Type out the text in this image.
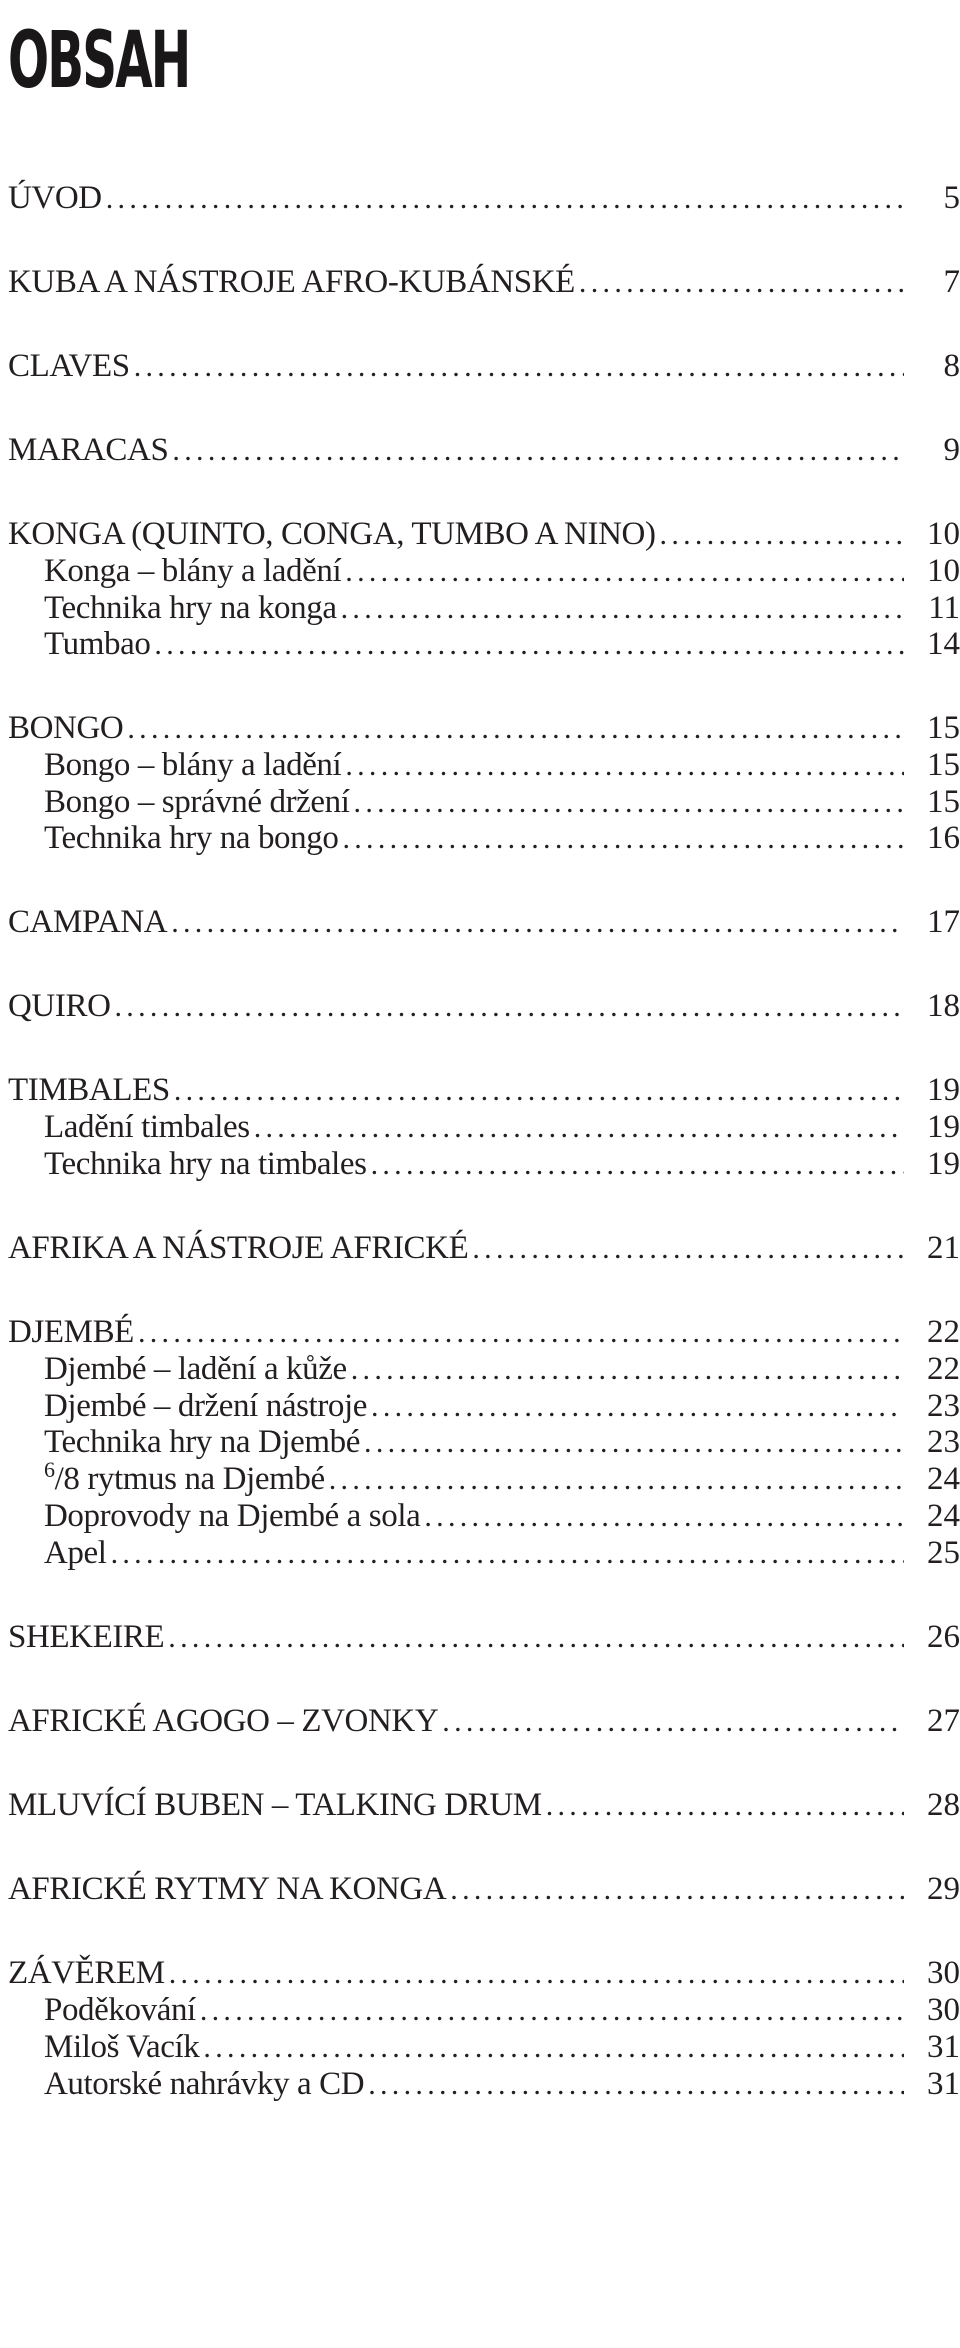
OBSAH
ÚVOD .....	5
KUBA A NÁSTROJE AFRO-KUBÁNSKÉ .....	7
CLAVES .....	8
MARACAS .....	9
KONGA (QUINTO, CONGA, TUMBO A NINO) .....	10
Konga – blány a ladění .....	10
Technika hry na konga .....	11
Tumbao .....	14
BONGO .....	15
Bongo – blány a ladění .....	15
Bongo – správné držení .....	15
Technika hry na bongo .....	16
CAMPANA .....	17
QUIRO .....	18
TIMBALES .....	19
Ladění timbales .....	19
Technika hry na timbales .....	19
AFRIKA A NÁSTROJE AFRICKÉ .....	21
DJEMBÉ .....	22
Djembé – ladění a kůže .....	22
Djembé – držení nástroje .....	23
Technika hry na Djembé .....	23
$^6$/8 rytmus na Djembé .....	24
Doprovody na Djembé a sola .....	24
Apel .....	25
SHEKEIRE .....	26
AFRICKÉ AGOGO – ZVONKY .....	27
MLUVÍCÍ BUBEN – TALKING DRUM .....	28
AFRICKÉ RYTMY NA KONGA .....	29
ZÁVĚREM .....	30
Poděkování .....	30
Miloš Vacík .....	31
Autorské nahrávky a CD .....	31
